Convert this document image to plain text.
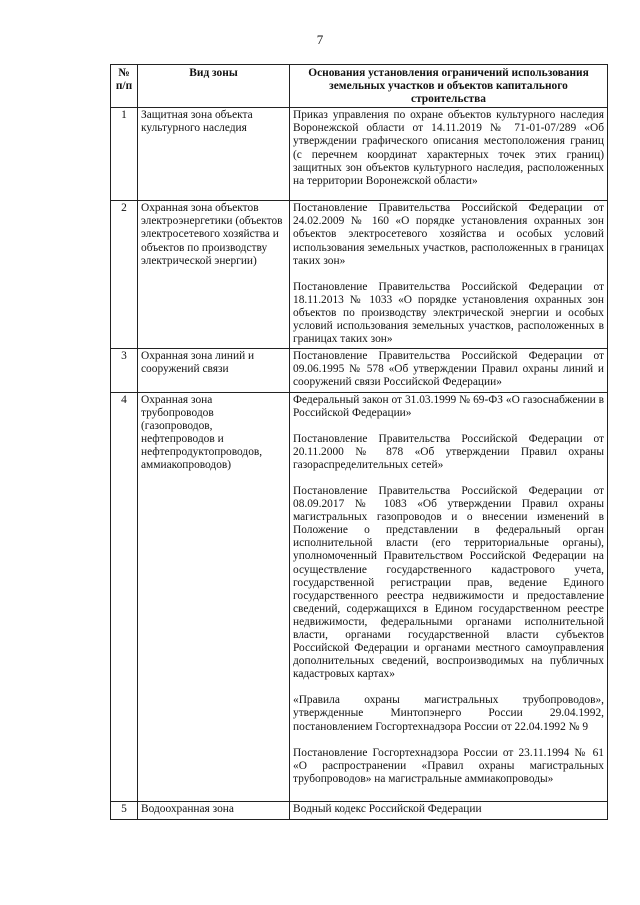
7
№
п/п	Вид зоны	Основания установления ограничений использования земельных участков и объектов капитального строительства
1	Защитная зона объекта культурного наследия	Приказ управления по охране объектов культурного наследия Воронежской области от 14.11.2019 № 71-01-07/289 «Об утверждении графического описания местоположения границ (с перечнем координат характерных точек этих границ) защитных зон объектов культурного наследия, расположенных на территории Воронежской области»

2	Охранная зона объектов электроэнергетики (объектов электросетевого хозяйства и объектов по производству электрической энергии)	Постановление Правительства Российской Федерации от 24.02.2009 № 160 «О порядке установления охранных зон объектов электросетевого хозяйства и особых условий использования земельных участков, расположенных в границах таких зон»

Постановление Правительства Российской Федерации от 18.11.2013 № 1033 «О порядке установления охранных зон объектов по производству электрической энергии и особых условий использования земельных участков, расположенных в границах таких зон»

3	Охранная зона линий и сооружений связи	Постановление Правительства Российской Федерации от 09.06.1995 № 578 «Об утверждении Правил охраны линий и сооружений связи Российской Федерации»

4	Охранная зона трубопроводов (газопроводов, нефтепроводов и нефтепродуктопроводов, аммиакопроводов)	Федеральный закон от 31.03.1999 № 69-ФЗ «О газоснабжении в Российской Федерации»

Постановление Правительства Российской Федерации от 20.11.2000 № 878 «Об утверждении Правил охраны газораспределительных сетей»

Постановление Правительства Российской Федерации от 08.09.2017 № 1083 «Об утверждении Правил охраны магистральных газопроводов и о внесении изменений в Положение о представлении в федеральный орган исполнительной власти (его территориальные органы), уполномоченный Правительством Российской Федерации на осуществление государственного кадастрового учета, государственной регистрации прав, ведение Единого государственного реестра недвижимости и предоставление сведений, содержащихся в Едином государственном реестре недвижимости, федеральными органами исполнительной власти, органами государственной власти субъектов Российской Федерации и органами местного самоуправления дополнительных сведений, воспроизводимых на публичных кадастровых картах»

«Правила охраны магистральных трубопроводов», утвержденные Минтопэнерго России 29.04.1992, постановлением Госгортехнадзора России от 22.04.1992 № 9

Постановление Госгортехнадзора России от 23.11.1994 № 61 «О распространении «Правил охраны магистральных трубопроводов» на магистральные аммиакопроводы»

5	Водоохранная зона	Водный кодекс Российской Федерации
